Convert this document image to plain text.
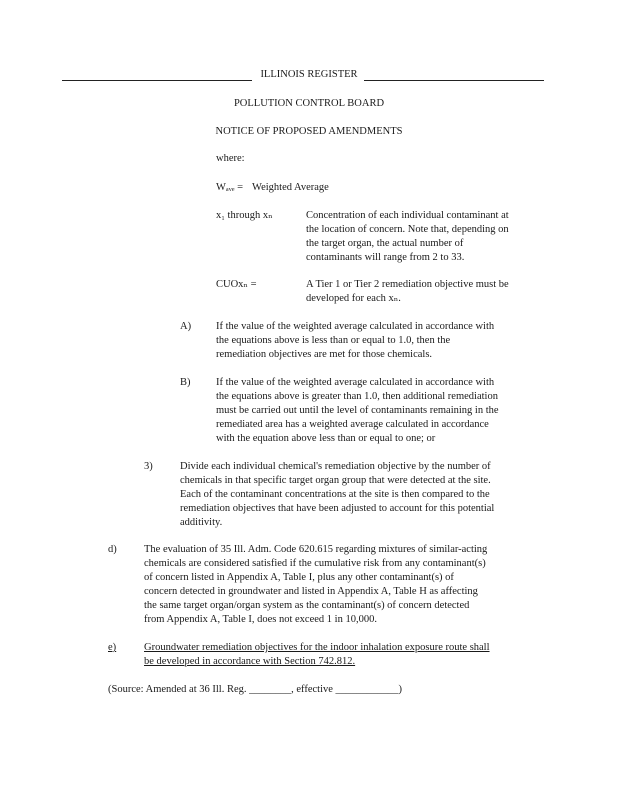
ILLINOIS REGISTER
POLLUTION CONTROL BOARD
NOTICE OF PROPOSED AMENDMENTS
where:
Wₐᵥₑ = Weighted Average
x₁ through xₙ	Concentration of each individual contaminant at
the location of concern. Note that, depending on
the target organ, the actual number of
contaminants will range from 2 to 33.
CUOxₙ =	A Tier 1 or Tier 2 remediation objective must be
developed for each xₙ.
A) If the value of the weighted average calculated in accordance with
the equations above is less than or equal to 1.0, then the
remediation objectives are met for those chemicals.
B) If the value of the weighted average calculated in accordance with
the equations above is greater than 1.0, then additional remediation
must be carried out until the level of contaminants remaining in the
remediated area has a weighted average calculated in accordance
with the equation above less than or equal to one; or
3)	Divide each individual chemical's remediation objective by the number of
chemicals in that specific target organ group that were detected at the site.
Each of the contaminant concentrations at the site is then compared to the
remediation objectives that have been adjusted to account for this potential
additivity.
d)	The evaluation of 35 Ill. Adm. Code 620.615 regarding mixtures of similar-acting
chemicals are considered satisfied if the cumulative risk from any contaminant(s)
of concern listed in Appendix A, Table I, plus any other contaminant(s) of
concern detected in groundwater and listed in Appendix A, Table H as affecting
the same target organ/organ system as the contaminant(s) of concern detected
from Appendix A, Table I, does not exceed 1 in 10,000.
e)	Groundwater remediation objectives for the indoor inhalation exposure route shall
be developed in accordance with Section 742.812.
(Source: Amended at 36 Ill. Reg. ________, effective ____________)
